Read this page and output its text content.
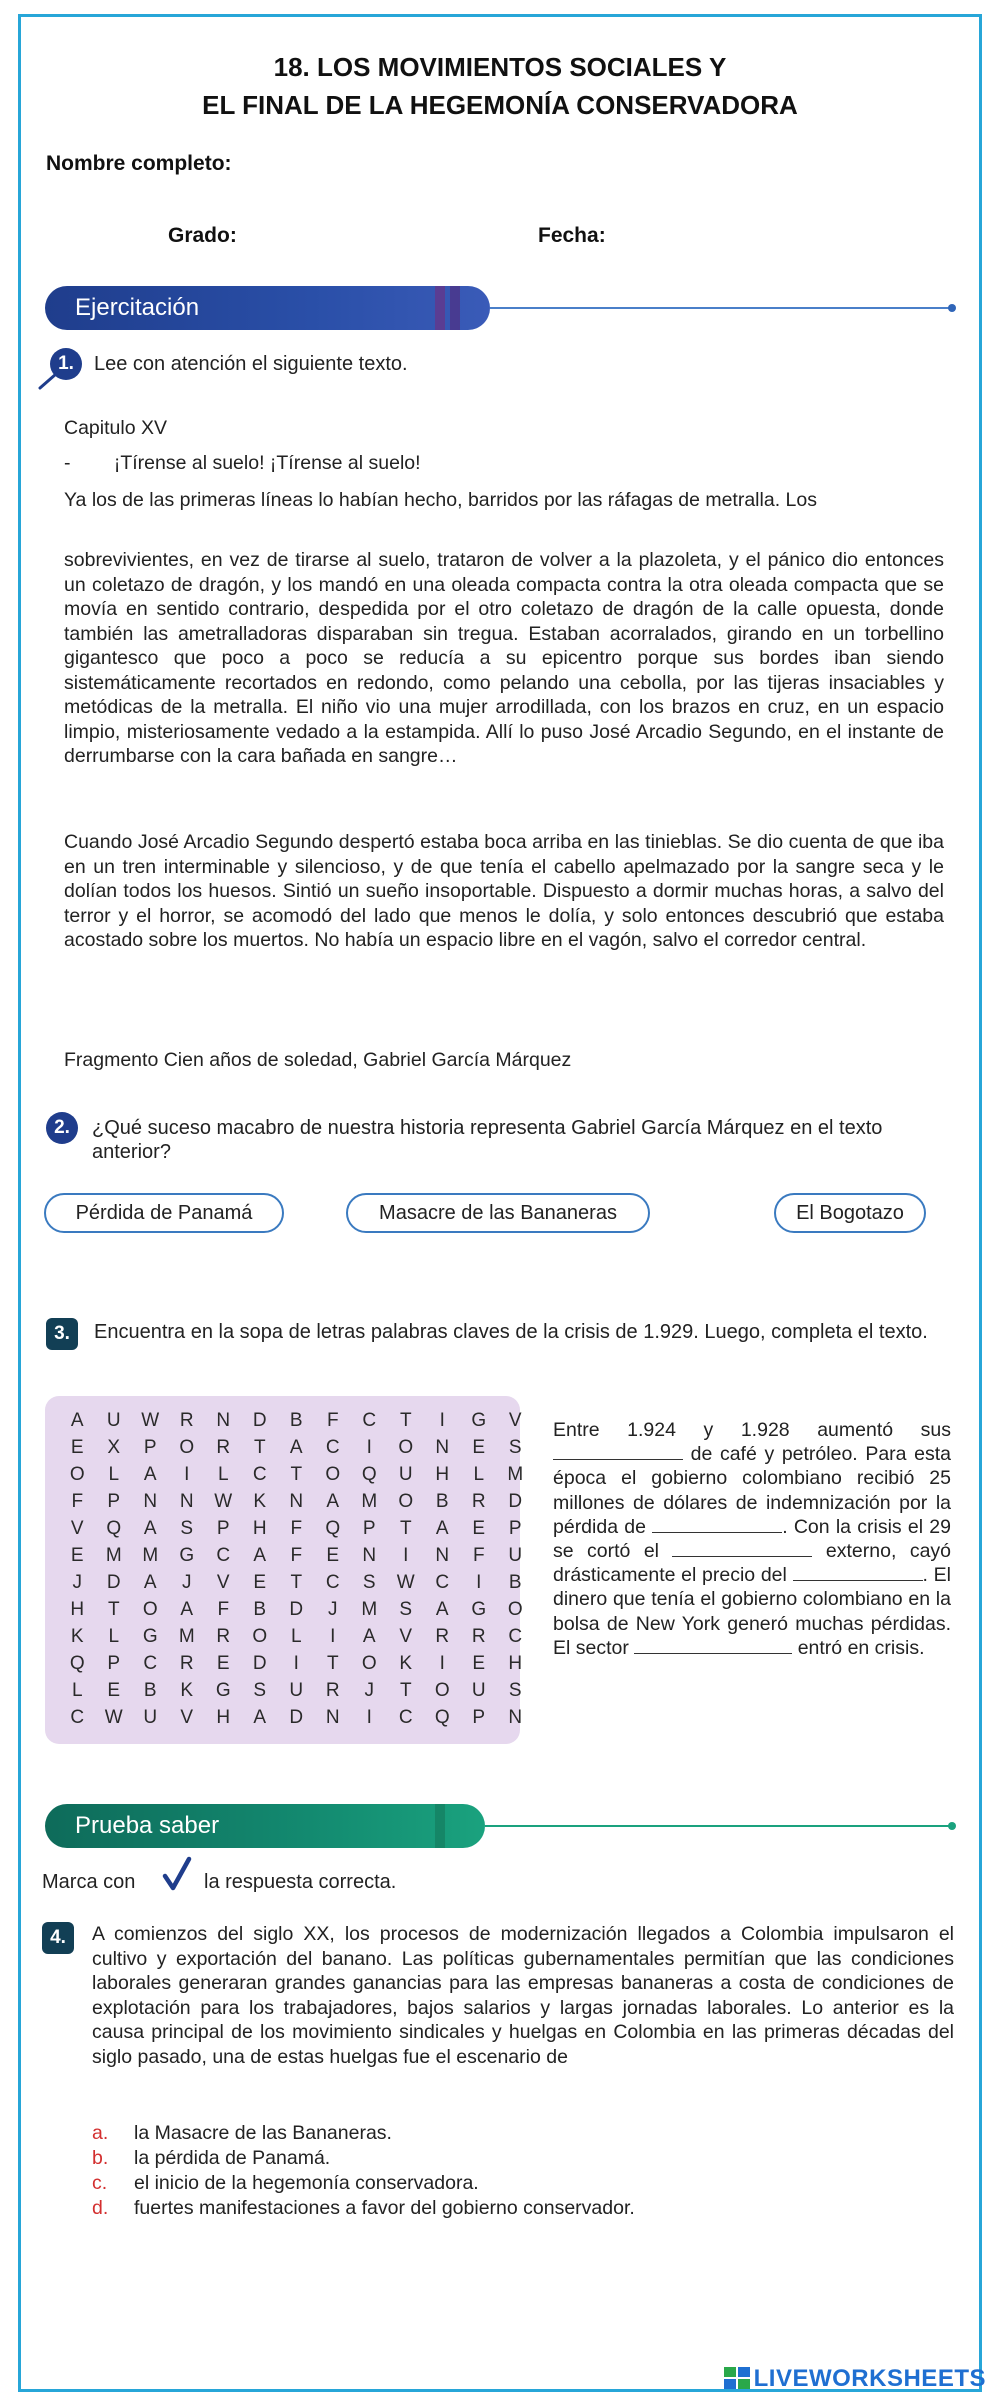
18. LOS MOVIMIENTOS SOCIALES Y
EL FINAL DE LA HEGEMONÍA CONSERVADORA
Nombre completo:
Grado:	Fecha:
Ejercitación
1.	Lee con atención el siguiente texto.
Capitulo XV
-        ¡Tírense al suelo! ¡Tírense al suelo!
Ya los de las primeras líneas lo habían hecho, barridos por las ráfagas de metralla. Los
sobrevivientes, en vez de tirarse al suelo, trataron de volver a la plazoleta, y el pánico dio entonces un coletazo de dragón, y los mandó en una oleada compacta contra la otra oleada compacta que se movía en sentido contrario, despedida por el otro coletazo de dragón de la calle opuesta, donde también las ametralladoras disparaban sin tregua. Estaban acorralados, girando en un torbellino gigantesco que poco a poco se reducía a su epicentro porque sus bordes iban siendo sistemáticamente recortados en redondo, como pelando una cebolla, por las tijeras insaciables y metódicas de la metralla. El niño vio una mujer arrodillada, con los brazos en cruz, en un espacio limpio, misteriosamente vedado a la estampida. Allí lo puso José Arcadio Segundo, en el instante de derrumbarse con la cara bañada en sangre…
Cuando José Arcadio Segundo despertó estaba boca arriba en las tinieblas. Se dio cuenta de que iba en un tren interminable y silencioso, y de que tenía el cabello apelmazado por la sangre seca y le dolían todos los huesos. Sintió un sueño insoportable. Dispuesto a dormir muchas horas, a salvo del terror y el horror, se acomodó del lado que menos le dolía, y solo entonces descubrió que estaba acostado sobre los muertos. No había un espacio libre en el vagón, salvo el corredor central.
Fragmento Cien años de soledad, Gabriel García Márquez
2.	¿Qué suceso macabro de nuestra historia representa Gabriel García Márquez en el texto anterior?
Pérdida de Panamá	Masacre de las Bananeras	El Bogotazo
3.	Encuentra en la sopa de letras palabras claves de la crisis de 1.929. Luego, completa el texto.
A	U	W	R	N	D	B	F	C	T	I	G	V
E	X	P	O	R	T	A	C	I	O	N	E	S
O	L	A	I	L	C	T	O	Q	U	H	L	M
F	P	N	N	W	K	N	A	M	O	B	R	D
V	Q	A	S	P	H	F	Q	P	T	A	E	P
E	M	M	G	C	A	F	E	N	I	N	F	U
J	D	A	J	V	E	T	C	S	W	C	I	B
H	T	O	A	F	B	D	J	M	S	A	G	O
K	L	G	M	R	O	L	I	A	V	R	R	C
Q	P	C	R	E	D	I	T	O	K	I	E	H
L	E	B	K	G	S	U	R	J	T	O	U	S
C	W	U	V	H	A	D	N	I	C	Q	P	N
Entre 1.924 y 1.928 aumentó sus  de café y petróleo. Para esta época el gobierno colombiano recibió 25 millones de dólares de indemnización por la pérdida de	. Con la crisis el 29 se cortó el	externo, cayó drásticamente el precio del	. El dinero que tenía el gobierno colombiano en la bolsa de New York generó muchas pérdidas. El sector	entró en crisis.
Prueba saber
Marca con	la respuesta correcta.
4.	A comienzos del siglo XX, los procesos de modernización llegados a Colombia impulsaron el cultivo y exportación del banano. Las políticas gubernamentales permitían que las condiciones laborales generaran grandes ganancias para las empresas bananeras a costa de condiciones de explotación para los trabajadores, bajos salarios y largas jornadas laborales. Lo anterior es la causa principal de los movimiento sindicales y huelgas en Colombia en las primeras décadas del siglo pasado, una de estas huelgas fue el escenario de
a. la Masacre de las Bananeras.
b. la pérdida de Panamá.
c. el inicio de la hegemonía conservadora.
d. fuertes manifestaciones a favor del gobierno conservador.
LIVEWORKSHEETS
